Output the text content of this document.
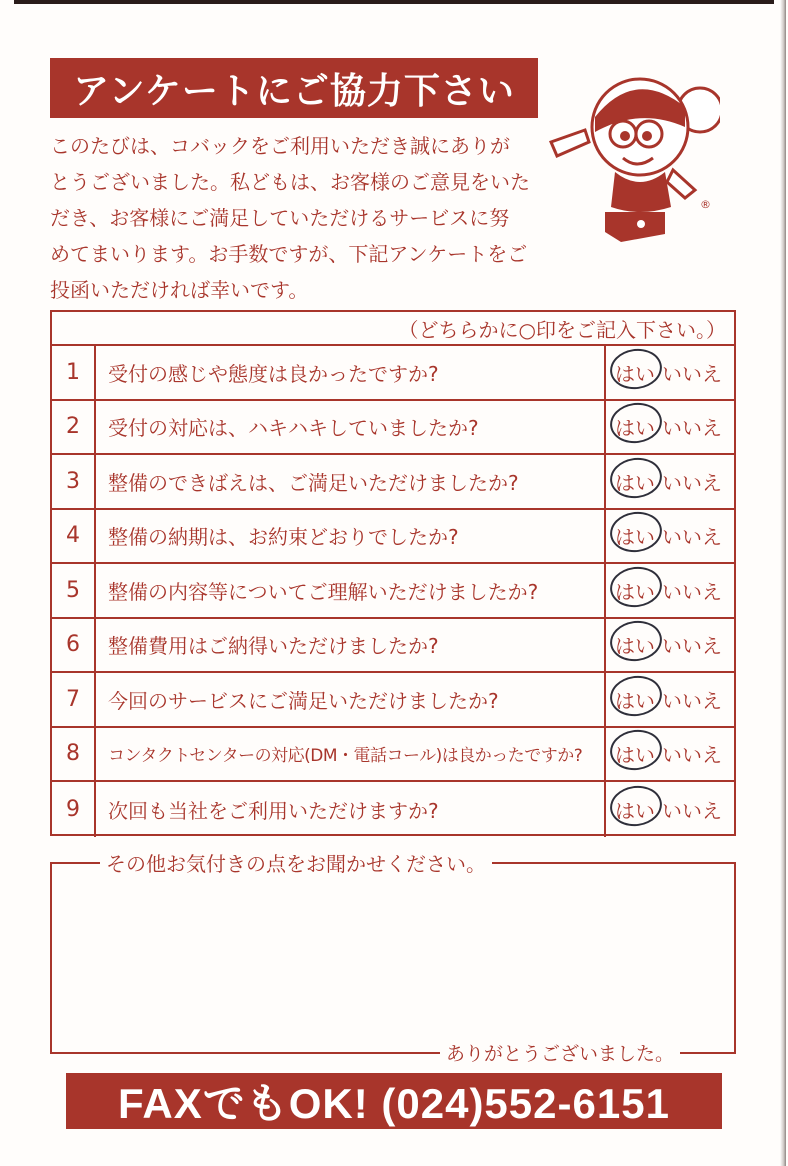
アンケートにご協力下さい
このたびは、コバックをご利用いただき誠にありが
とうございました。私どもは、お客様のご意見をいた
だき、お客様にご満足していただけるサービスに努
めてまいります。お手数ですが、下記アンケートをご
投函いただければ幸いです。
®
（どちらかに○印をご記入下さい。）
1	受付の感じや態度は良かったですか?	はい いいえ
2	受付の対応は、ハキハキしていましたか?	はい いいえ
3	整備のできばえは、ご満足いただけましたか?	はい いいえ
4	整備の納期は、お約束どおりでしたか?	はい いいえ
5	整備の内容等についてご理解いただけましたか?	はい いいえ
6	整備費用はご納得いただけましたか?	はい いいえ
7	今回のサービスにご満足いただけましたか?	はい いいえ
8	コンタクトセンターの対応(DM・電話コール)は良かったですか?	はい いいえ
9	次回も当社をご利用いただけますか?	はい いいえ
その他お気付きの点をお聞かせください。
ありがとうございました。
FAXでもOK! (024)552-6151
